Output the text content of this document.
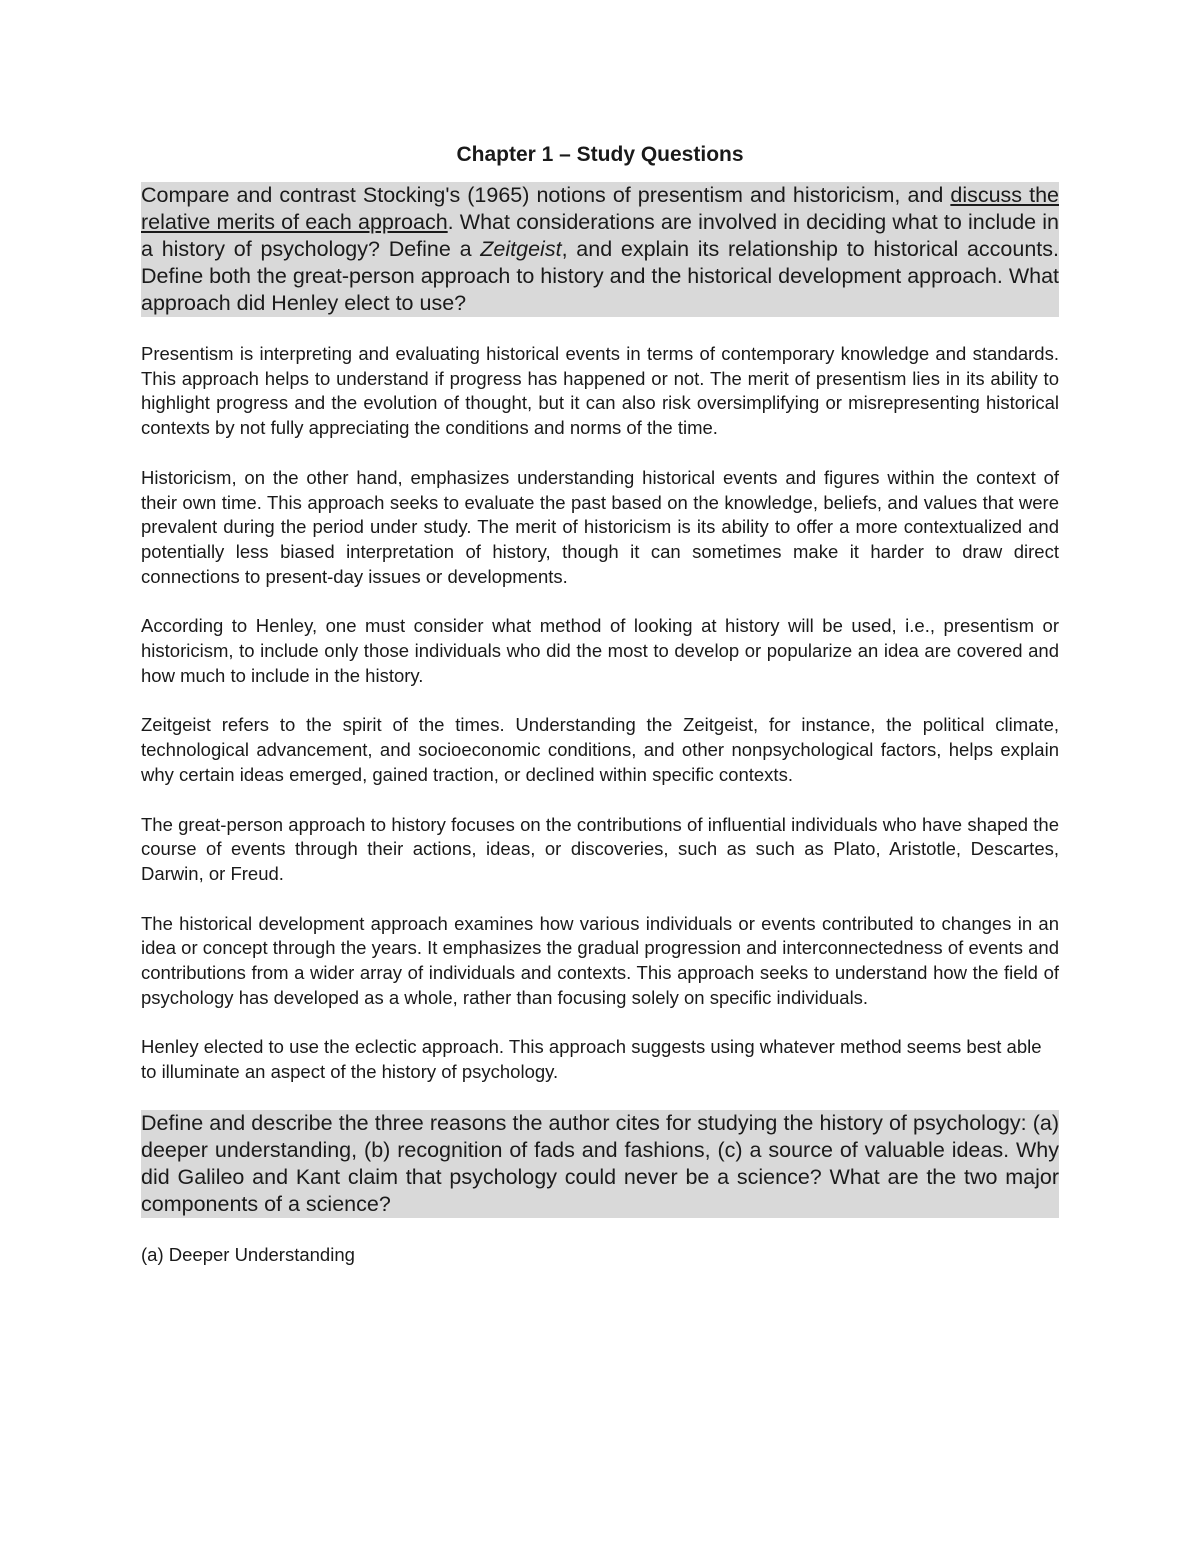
Chapter 1 – Study Questions
Compare and contrast Stocking's (1965) notions of presentism and historicism, and discuss the relative merits of each approach. What considerations are involved in deciding what to include in a history of psychology? Define a Zeitgeist, and explain its relationship to historical accounts. Define both the great-person approach to history and the historical development approach. What approach did Henley elect to use?

Presentism is interpreting and evaluating historical events in terms of contemporary knowledge and standards. This approach helps to understand if progress has happened or not. The merit of presentism lies in its ability to highlight progress and the evolution of thought, but it can also risk oversimplifying or misrepresenting historical contexts by not fully appreciating the conditions and norms of the time.

Historicism, on the other hand, emphasizes understanding historical events and figures within the context of their own time. This approach seeks to evaluate the past based on the knowledge, beliefs, and values that were prevalent during the period under study. The merit of historicism is its ability to offer a more contextualized and potentially less biased interpretation of history, though it can sometimes make it harder to draw direct connections to present-day issues or developments.

According to Henley, one must consider what method of looking at history will be used, i.e., presentism or historicism, to include only those individuals who did the most to develop or popularize an idea are covered and how much to include in the history.

Zeitgeist refers to the spirit of the times. Understanding the Zeitgeist, for instance, the political climate, technological advancement, and socioeconomic conditions, and other nonpsychological factors, helps explain why certain ideas emerged, gained traction, or declined within specific contexts.

The great-person approach to history focuses on the contributions of influential individuals who have shaped the course of events through their actions, ideas, or discoveries, such as such as Plato, Aristotle, Descartes, Darwin, or Freud.

The historical development approach examines how various individuals or events contributed to changes in an idea or concept through the years. It emphasizes the gradual progression and interconnectedness of events and contributions from a wider array of individuals and contexts. This approach seeks to understand how the field of psychology has developed as a whole, rather than focusing solely on specific individuals.

Henley elected to use the eclectic approach. This approach suggests using whatever method seems best able to illuminate an aspect of the history of psychology.

Define and describe the three reasons the author cites for studying the history of psychology: (a) deeper understanding, (b) recognition of fads and fashions, (c) a source of valuable ideas. Why did Galileo and Kant claim that psychology could never be a science? What are the two major components of a science?

(a) Deeper Understanding
